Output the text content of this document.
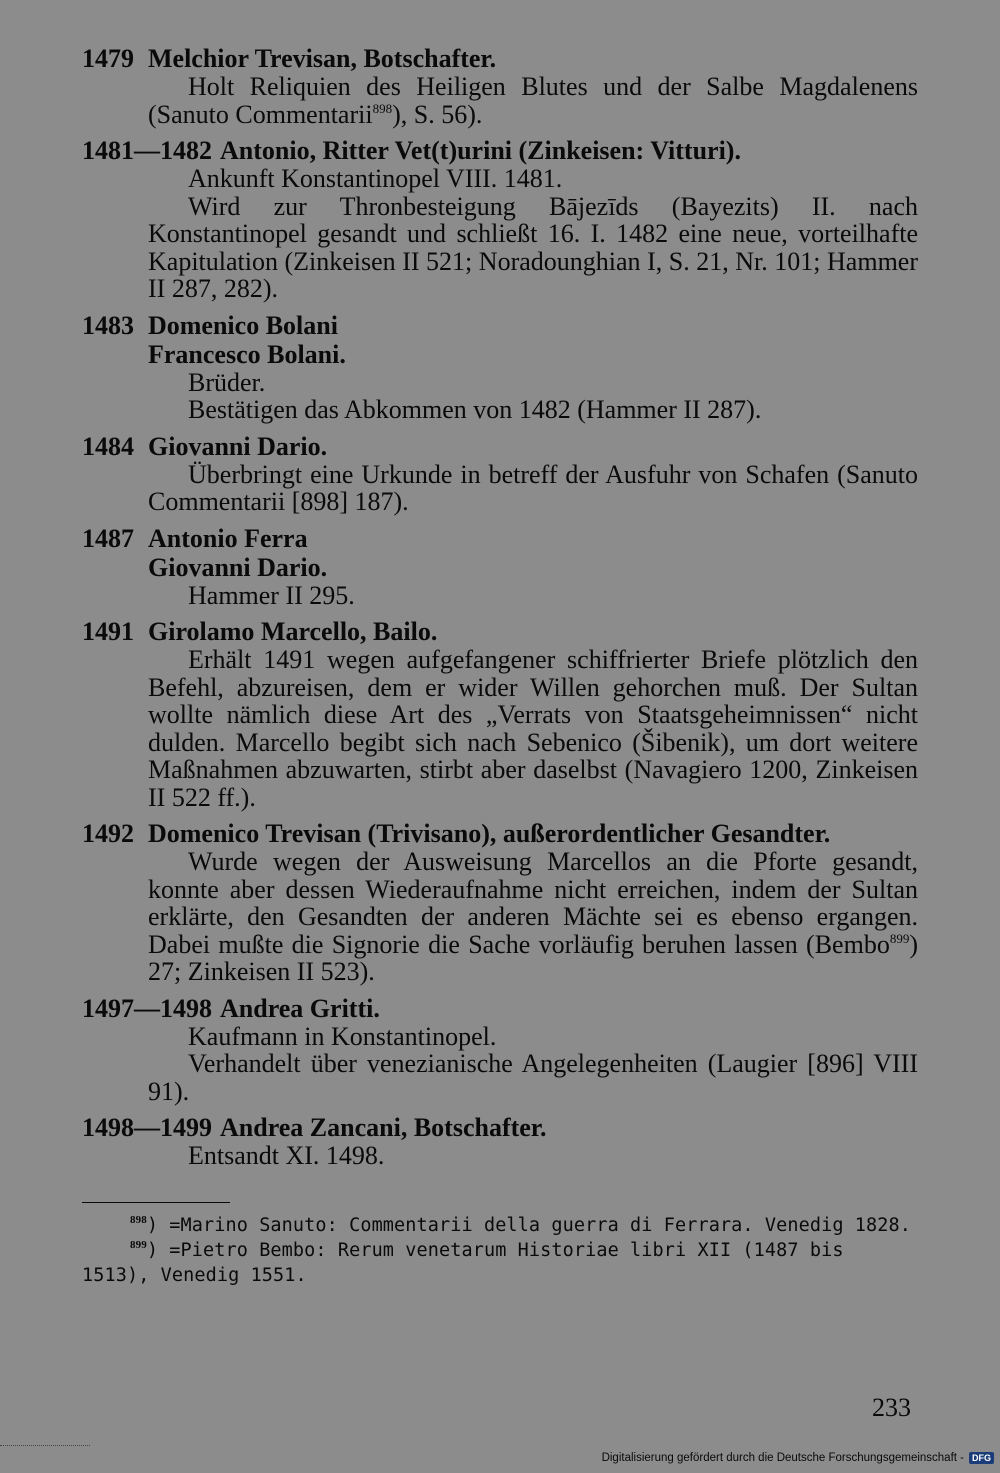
1479 Melchior Trevisan, Botschafter.
Holt Reliquien des Heiligen Blutes und der Salbe Magdalenens (Sanuto Commentarii$^{898}$), S. 56).
1481—1482 Antonio, Ritter Vet(t)urini (Zinkeisen: Vitturi).
Ankunft Konstantinopel VIII. 1481.
Wird zur Thronbesteigung Bājezīds (Bayezits) II. nach Konstantinopel gesandt und schließt 16. I. 1482 eine neue, vorteilhafte Kapitulation (Zinkeisen II 521; Noradounghian I, S. 21, Nr. 101; Hammer II 287, 282).
1483 Domenico Bolani
Francesco Bolani.
Brüder.
Bestätigen das Abkommen von 1482 (Hammer II 287).
1484 Giovanni Dario.
Überbringt eine Urkunde in betreff der Ausfuhr von Schafen (Sanuto Commentarii [898] 187).
1487 Antonio Ferra
Giovanni Dario.
Hammer II 295.
1491 Girolamo Marcello, Bailo.
Erhält 1491 wegen aufgefangener schiffrierter Briefe plötzlich den Befehl, abzureisen, dem er wider Willen gehorchen muß. Der Sultan wollte nämlich diese Art des „Verrats von Staatsgeheimnissen“ nicht dulden. Marcello begibt sich nach Sebenico (Šibenik), um dort weitere Maßnahmen abzuwarten, stirbt aber daselbst (Navagiero 1200, Zinkeisen II 522 ff.).
1492 Domenico Trevisan (Trivisano), außerordentlicher Gesandter.
Wurde wegen der Ausweisung Marcellos an die Pforte gesandt, konnte aber dessen Wiederaufnahme nicht erreichen, indem der Sultan erklärte, den Gesandten der anderen Mächte sei es ebenso ergangen. Dabei mußte die Signorie die Sache vorläufig beruhen lassen (Bembo$^{899}$) 27; Zinkeisen II 523).
1497—1498 Andrea Gritti.
Kaufmann in Konstantinopel.
Verhandelt über venezianische Angelegenheiten (Laugier [896] VIII 91).
1498—1499 Andrea Zancani, Botschafter.
Entsandt XI. 1498.
$^{898}$) =Marino Sanuto: Commentarii della guerra di Ferrara. Venedig 1828.
$^{899}$) =Pietro Bembo: Rerum venetarum Historiae libri XII (1487 bis 1513), Venedig 1551.
233
Digitalisierung gefördert durch die Deutsche Forschungsgemeinschaft - DFG
